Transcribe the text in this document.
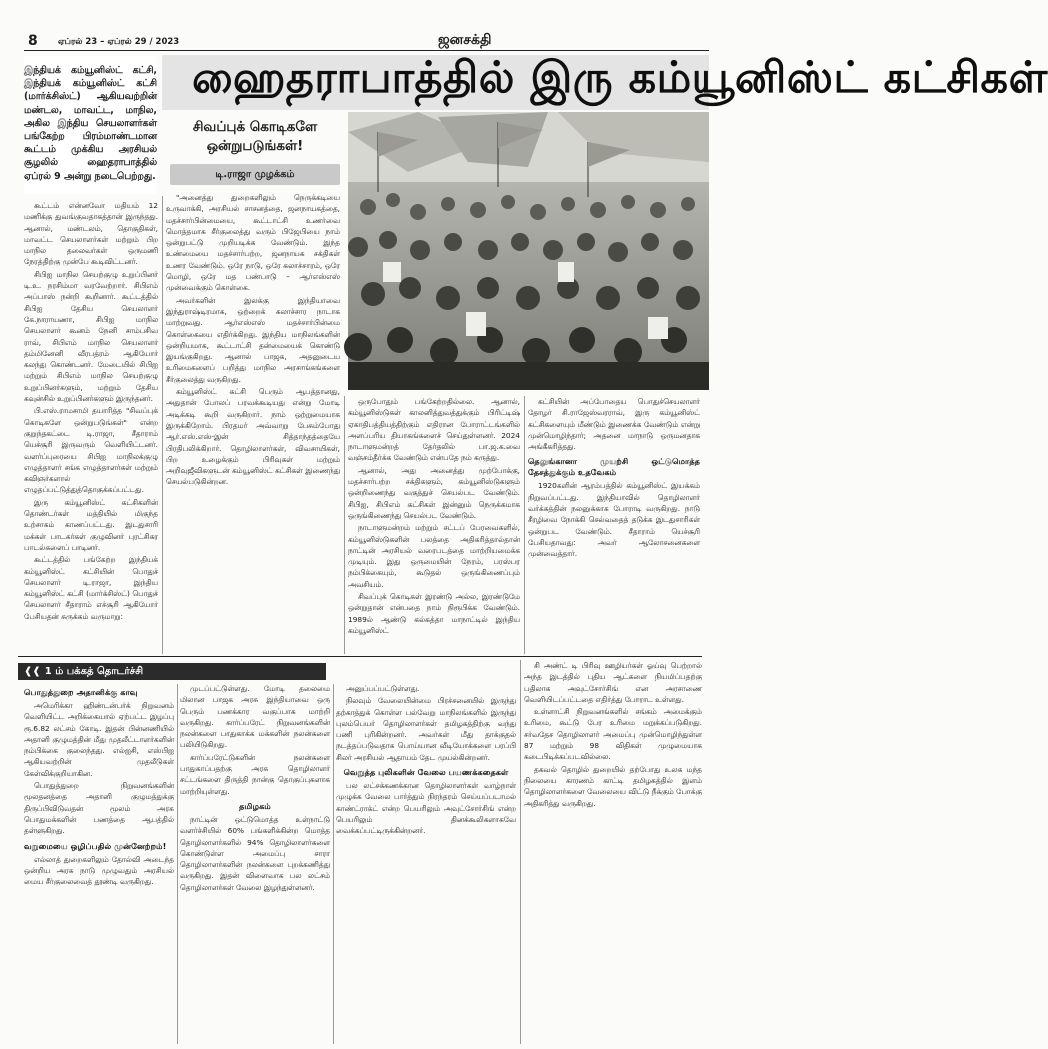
8	ஏப்ரல் 23 – ஏப்ரல் 29 / 2023	ஜனசக்தி
ஹைதராபாத்தில் இரு கம்யூனிஸ்ட் கட்சிகள்
இந்தியக் கம்யூனிஸ்ட் கட்சி, இந்தியக் கம்யூனிஸ்ட் கட்சி (மார்க்சிஸ்ட்) ஆகியவற்றின் மண்டல, மாவட்ட, மாநில, அகில இந்திய செயலாளர்கள் பங்கேற்ற பிரம்மாண்டமான கூட்டம் முக்கிய அரசியல் சூழலில் ஹைதராபாத்தில் ஏப்ரல் 9 அன்று நடைபெற்றது.
சிவப்புக் கொடிகளே ஒன்றுபடுங்கள்!
டி.ராஜா முழக்கம்

கூட்டம் என்னவோ மதியம் 12 மணிக்கு துவங்குவதாகத்தான் இருந்தது. ஆனால், மண்டலம், தொகுதிகள், மாவட்ட செயலாளர்கள் மற்றும் பிற மாநில தலைவர்கள் ஒருமணி நேரத்திற்கு முன்பே கூடிவிட்டனர்.

சிபிஐ மாநில செயற்குழு உறுப்பினர் டி.உ. நரசிம்மா வரவேற்றார். சிபிஎம் அப்பாஸ் நன்றி கூறினார். கூட்டத்தில் சிபிஐ தேசிய செயலாளர் கே.நாராயணா, சிபிஐ மாநில செயலாளர் கூனம் நேனி சாம்பசிவ ராவ், சிபிஎம் மாநில செயலாளர் தம்மினேனி வீரபத்ரம் ஆகியோர் கலந்து கொண்டனர். மேடையில் சிபிஐ மற்றும் சிபிஎம் மாநில செயற்குழு உறுப்பினர்களும், மற்றும் தேசிய கவுன்சில் உறுப்பினர்களும் இருந்தனர்.

பி.எஸ்.ராமசாமி தயாரித்த "சிவப்புக் கொடிகளே ஒன்றுபடுங்கள்" என்ற குறுந்தகட்டை டி.ராஜா, சீதாராம் யெச்சூரி இருவரும் வெளியிட்டனர். வளர்ப்புரையை சிபிஐ மாநிலக்குழு எழுத்தாளர் சங்க எழுத்தாளர்கள் மற்றும் கவிஞர்களால் எழுதப்பட்டுத்துத்தொகுக்கப்பட்டது.

இரு கம்யூனிஸ்ட் கட்சிகளின் தொண்டர்கள் மத்தியில் மிகுந்த உற்சாகம் காணப்பட்டது. இடதுசாரி மக்கள் பாடகர்கள் குழுவினர் புரட்சிகர பாடல்களைப் பாடினர்.

கூட்டத்தில் பங்கேற்ற இந்தியக் கம்யூனிஸ்ட் கட்சியின் பொதுச் செயலாளர் டி.ராஜா, இந்திய கம்யூனிஸ்ட் கட்சி (மார்க்சிஸ்ட்) பொதுச் செயலாளர் சீதாராம் எச்சூரி ஆகியோர் பேசியதன் சுருக்கம் வருமாறு:

"அனைத்து துறைகளிலும் நெருக்கடியை உருவாக்கி, அரசியல் சாசனத்தை, ஜனநாயகத்தை, மதச்சார்பின்மையை, கூட்டாட்சி உணர்வை மொத்தமாக சீர்குலைத்து வரும் பிஜேபியை நாம் ஒன்றுபட்டு முறியடிக்க வேண்டும். இந்த உண்மையை மதச்சார்பற்ற, ஜனநாயக சக்திகள் உணர வேண்டும். ஒரே நாடு, ஒரே கலாச்சாரம், ஒரே மொழி, ஒரே மத பண்பாடு – ஆர்எஸ்எஸ் முன்வைக்கும் கொள்கை.

அவர்களின் இலக்கு இந்தியாவை இந்துராஷ்டிரமாக, ஒற்றைக் கலாச்சார நாடாக மாற்றுவது. ஆர்எஸ்எஸ் மதச்சார்பின்மை கொள்கையை எதிர்க்கிறது. இந்திய மாநிலங்களின் ஒன்றியமாக, கூட்டாட்சி தன்மையைக் கொண்டு இயங்குகிறது. ஆனால் பாஜக, அதனுடைய உரிமைகளைப் பறித்து மாநில அரசாங்கங்களை சீர்குலைத்து வருகிறது.

கம்யூனிஸ்ட் கட்சி பெரும் ஆபத்தானது, அதுதான் போலப் பரவக்கூடியது என்று மோடி அடிக்கடி கூறி வருகிறார். நாம் ஒற்றுமையாக இருக்கிறோம். பிரதமர் அவ்வாறு பேசும்போது ஆர்.எஸ்.எஸ்-இன் சித்தாந்தத்தையே பிரதிபலிக்கிறார். தொழிலாளர்கள், விவசாயிகள், பிற உழைக்கும் பிரிவுகள் மற்றும் அறிவுஜீவிகளுடன் கம்யூனிஸ்ட் கட்சிகள் இணைந்து செயல்படுகின்றன.

ஒருபோதும் பங்கேற்றதில்லை. ஆனால், கம்யூனிஸ்டுகள் காலனித்துவத்துக்கும் பிரிட்டிஷ் ஏகாதிபத்தியத்திற்கும் எதிரான போராட்டங்களில் அளப்பரிய தியாகங்களைச் செய்துள்ளனர். 2024 நாடாளுமன்றத் தேர்தலில் பா.ஜ.க.வை வஞ்சம்தீர்க்க வேண்டும் என்பதே நம் கருத்து.

ஆனால், அது அனைத்து முற்போக்கு, மதச்சார்பற்ற சக்திகளும், கம்யூனிஸ்டுகளும் ஒன்றிணைந்து வகுத்துச் செயல்பட வேண்டும். சிபிஐ, சிபிஎம் கட்சிகள் இன்னும் நெருக்கமாக ஒருங்கிணைந்து செயல்பட வேண்டும்.

நாடாளுமன்றம் மற்றும் சட்டப் பேரவைகளில், கம்யூனிஸ்டுகளின் பலத்தை அதிகரித்தால்தான் நாட்டின் அரசியல் வரைபடத்தை மாற்றியமைக்க முடியும். இது ஒருமையின் நேரம், பரஸ்பர நம்பிக்கையும், கூடுதல் ஒருங்கிணைப்பும் அவசியம்.

சிவப்புக் கொடிகள் இரண்டு அல்ல, இரண்டுமே ஒன்றுதான் என்பதை நாம் நிரூபிக்க வேண்டும். 1989ல் ஆண்டு கல்கத்தா மாநாட்டில் இந்திய கம்யூனிஸ்ட்

கட்சியின் அப்போதைய பொதுச்செயலாளர் தோழர் சி.ராஜேஸ்வரராவ், இரு கம்யூனிஸ்ட் கட்சிகளையும் மீண்டும் இணைக்க வேண்டும் என்று முன்மொழிந்தார்; அதனை மாநாடு ஒருமனதாக அங்கீகரித்தது.

தெலுங்கானா முயற்சி ஒட்டுமொத்த தேசத்துக்கும் உதவேகம்

1920களின் ஆரம்பத்தில் கம்யூனிஸ்ட் இயக்கம் நிறுவப்பட்டது. இந்தியாவில் தொழிலாளர் வர்க்கத்தின் நலனுக்காக போராடி வருகிறது. நாடு சீரழிவை நோக்கி செல்வதைத் தடுக்க இடதுசாரிகள் ஒன்றுபட வேண்டும். சீதாராம் யெச்சூரி பேசியதாவது: அவர் ஆலோசனைகளை முன்வைத்தார்.

❰❰ 1 ம் பக்கத் தொடர்ச்சி
பொதுத்துறை அதானிக்கு காவு

அமெரிக்கா ஹிண்டன்பர்க் நிறுவனம் வெளியிட்ட அறிக்கையால் ஏற்பட்ட இழப்பு ரூ.6.82 லட்சம் கோடி. இதன் பின்னணியில் அதானி குழுமத்தின் மீது முதலீட்டாளர்களின் நம்பிக்கை குலைந்தது. எல்ஐசி, எஸ்பிஐ ஆகியவற்றின் முதலீடுகள் கேள்விக்குறியாகின.

பொதுத்துறை நிறுவனங்களின் மூலதனத்தை அதானி குழுமத்துக்கு திருப்பிவிடுவதன் மூலம் அரசு பொதுமக்களின் பணத்தை ஆபத்தில் தள்ளுகிறது.

வறுமையை ஒழிப்பதில் முன்னேற்றம்!

எல்லாத் துறைகளிலும் தோல்வி அடைந்த ஒன்றிய அரசு நாடு முழுவதும் அரசியல் மைய சீர்குலைவைத் தூண்டி வருகிறது.

முடப்பட்டுள்ளது. மோடி தலைமை மிலான பாஜக அரசு இந்தியாவை ஒரு பெரும் பணக்கார வகுப்பாக மாற்றி வருகிறது. கார்ப்பரேட் நிறுவனங்களின் நலன்களை பாதுகாக்க மக்களின் நலன்களை பலியிடுகிறது.

கார்ப்பரேட்டுகளின் நலன்களை பாதுகாப்பதற்கு அரசு தொழிலாளர் சட்டங்களை திருத்தி நான்கு தொகுப்புகளாக மாற்றியுள்ளது.

தமிழகம்

நாட்டின் ஒட்டுமொத்த உள்நாட்டு வளர்ச்சியில் 60% பங்களிக்கின்ற மொத்த தொழிலாளர்களில் 94% தொழிலாளர்களை கொண்டுள்ள அமைப்பு சாரா தொழிலாளர்களின் நலன்களை புறக்கணித்து வருகிறது. இதன் விளைவாக பல லட்சம் தொழிலாளர்கள் வேலை இழந்துள்ளனர்.

அனுப்பப்பட்டுள்ளது.

நிலவும் வேலையின்மை பிரச்சனையில் இருந்து தற்காத்துக் கொள்ள பல்வேறு மாநிலங்களில் இருந்து புலம்பெயர் தொழிலாளர்கள் தமிழகத்திற்கு வந்து பணி புரிகின்றனர். அவர்கள் மீது தாக்குதல் நடத்தப்படுவதாக பொய்யான வீடியோக்களை பரப்பி சிலர் அரசியல் ஆதாயம் தேட முயல்கின்றனர்.

வெறுத்த புலிகளின் வேலை பயணக்கதைகள்

பல லட்சக்கணக்கான தொழிலாளர்கள் வாழ்நாள் முழுக்க வேலை பார்த்தும் நிரந்தரம் செய்யப்படாமல் காண்ட்ராக்ட் என்ற பெயரிலும் அவுட்சோர்சிங் என்ற பெயரிலும் தினக்கூலிகளாகவே வைக்கப்பட்டிருக்கின்றனர்.

சி அண்ட் டி பிரிவு ஊழியர்கள் ஓய்வு பெற்றால் அந்த இடத்தில் புதிய ஆட்களை நியமிப்பதற்கு பதிலாக அவுட்சோர்சிங் என அரசாணை வெளியிடப்பட்டதை எதிர்த்து போராட உள்ளது.

உள்ளாட்சி நிறுவனங்களில் சங்கம் அமைக்கும் உரிமை, கூட்டு பேர உரிமை மறுக்கப்படுகிறது. சர்வதேச தொழிலாளர் அமைப்பு முன்மொழிந்துள்ள 87 மற்றும் 98 விதிகள் முழுமையாக கடைபிடிக்கப்படவில்லை.

தகவல் தொழில் துறையில் தற்போது உலக மந்த நிலையை காரணம் காட்டி தமிழகத்தில் இளம் தொழிலாளர்களை வேலையை விட்டு நீக்கும் போக்கு அதிகரித்து வருகிறது.
